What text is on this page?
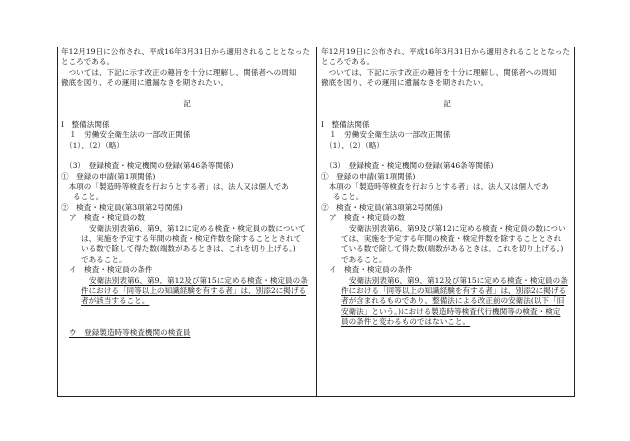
年12月19日に公布され、平成16年3月31日から適用されることとなった
ところである。
　ついては、下記に示す改正の趣旨を十分に理解し、関係者への周知
徹底を図り、その運用に遺漏なきを期されたい。
記
Ⅰ　整備法関係
１　労働安全衛生法の一部改正関係
（1）、（2）（略）
（3）　登録検査・検定機関の登録(第46条等関係)
①　登録の申請(第1項関係)
　本項の「製造時等検査を行おうとする者」は、法人又は個人であ
ること。
②　検査・検定員(第3項第2号関係)
ア　検査・検定員の数
安衛法別表第6、第9、第12に定める検査・検定員の数について
は、実施を予定する年間の検査・検定件数を除することとされて
いる数で除して得た数(端数があるときは、これを切り上げる。)
であること。
イ　検査・検定員の条件
安衛法別表第6、第9、第12及び第15に定める検査・検定員の条
件における「同等以上の知識経験を有する者」は、別添2に掲げる
者が該当すること。
ウ　登録製造時等検査機関の検査員
年12月19日に公布され、平成16年3月31日から適用されることとなった
ところである。
　ついては、下記に示す改正の趣旨を十分に理解し、関係者への周知
徹底を図り、その運用に遺漏なきを期されたい。
記
Ⅰ　整備法関係
１　労働安全衛生法の一部改正関係
（1）、（2）（略）
（3）　登録検査・検定機関の登録(第46条等関係)
①　登録の申請(第1項関係)
　本項の「製造時等検査を行おうとする者」は、法人又は個人であ
ること。
②　検査・検定員(第3項第2号関係)
ア　検査・検定員の数
安衛法別表第6、第9及び第12に定める検査・検定員の数につい
ては、実施を予定する年間の検査・検定件数を除することとされ
ている数で除して得た数(端数があるときは、これを切り上げる。)
であること。
イ　検査・検定員の条件
安衛法別表第6、第9、第12及び第15に定める検査・検定員の条
件における「同等以上の知識経験を有する者」は、別添2に掲げる
者が含まれるものであり、整備法による改正前の安衛法(以下「旧
安衛法」という。)における製造時等検査代行機関等の検査・検定
員の条件と変わるものではないこと。
